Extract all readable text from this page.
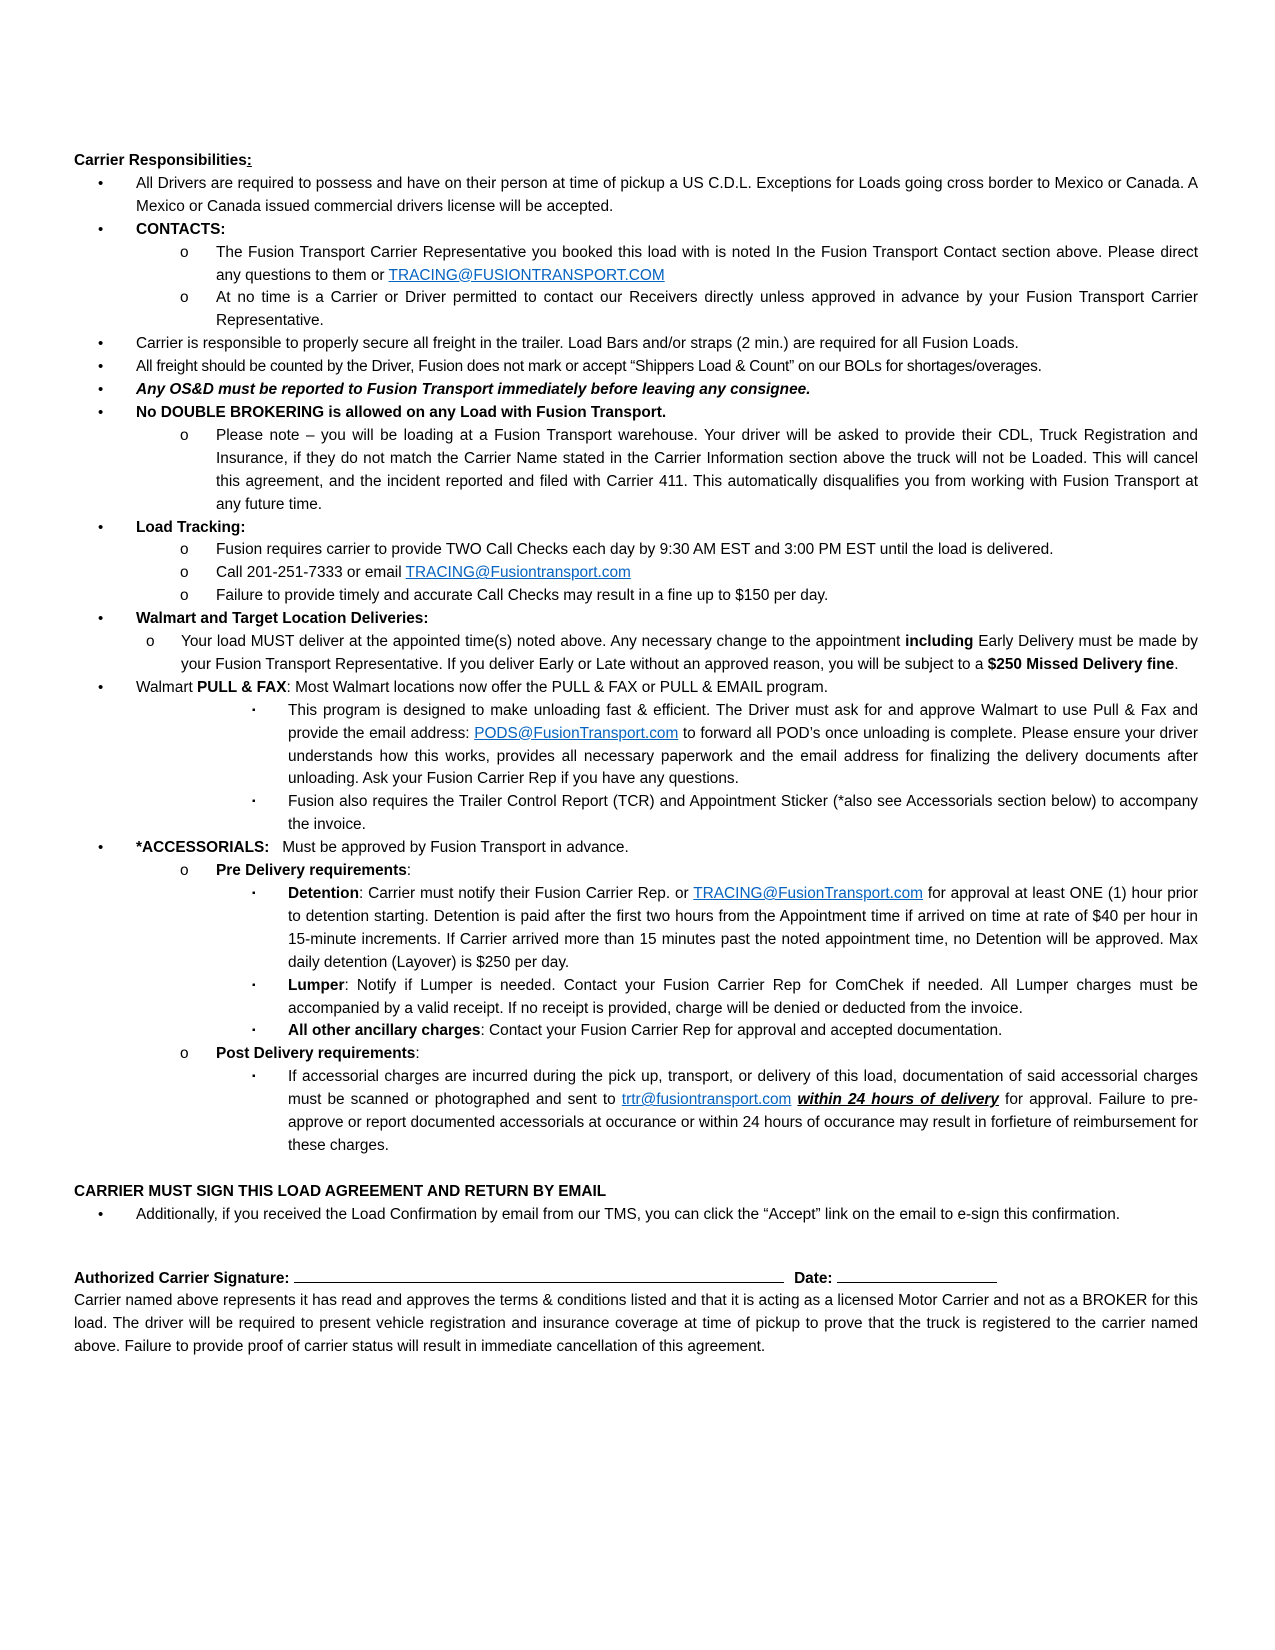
Carrier Responsibilities:
• All Drivers are required to possess and have on their person at time of pickup a US C.D.L. Exceptions for Loads going cross border to Mexico or Canada. A Mexico or Canada issued commercial drivers license will be accepted.
• CONTACTS:
o The Fusion Transport Carrier Representative you booked this load with is noted In the Fusion Transport Contact section above. Please direct any questions to them or TRACING@FUSIONTRANSPORT.COM
o At no time is a Carrier or Driver permitted to contact our Receivers directly unless approved in advance by your Fusion Transport Carrier Representative.
• Carrier is responsible to properly secure all freight in the trailer. Load Bars and/or straps (2 min.) are required for all Fusion Loads.
• All freight should be counted by the Driver, Fusion does not mark or accept “Shippers Load & Count” on our BOLs for shortages/overages.
• Any OS&D must be reported to Fusion Transport immediately before leaving any consignee.
• No DOUBLE BROKERING is allowed on any Load with Fusion Transport.
o Please note – you will be loading at a Fusion Transport warehouse. Your driver will be asked to provide their CDL, Truck Registration and Insurance, if they do not match the Carrier Name stated in the Carrier Information section above the truck will not be Loaded. This will cancel this agreement, and the incident reported and filed with Carrier 411. This automatically disqualifies you from working with Fusion Transport at any future time.
• Load Tracking:
o Fusion requires carrier to provide TWO Call Checks each day by 9:30 AM EST and 3:00 PM EST until the load is delivered.
o Call 201-251-7333 or email TRACING@Fusiontransport.com
o Failure to provide timely and accurate Call Checks may result in a fine up to $150 per day.
• Walmart and Target Location Deliveries:
o Your load MUST deliver at the appointed time(s) noted above. Any necessary change to the appointment including Early Delivery must be made by your Fusion Transport Representative. If you deliver Early or Late without an approved reason, you will be subject to a $250 Missed Delivery fine.
• Walmart PULL & FAX: Most Walmart locations now offer the PULL & FAX or PULL & EMAIL program.
▪ This program is designed to make unloading fast & efficient. The Driver must ask for and approve Walmart to use Pull & Fax and provide the email address: PODS@FusionTransport.com to forward all POD’s once unloading is complete. Please ensure your driver understands how this works, provides all necessary paperwork and the email address for finalizing the delivery documents after unloading. Ask your Fusion Carrier Rep if you have any questions.
▪ Fusion also requires the Trailer Control Report (TCR) and Appointment Sticker (*also see Accessorials section below) to accompany the invoice.
• *ACCESSORIALS:   Must be approved by Fusion Transport in advance.
o Pre Delivery requirements:
▪ Detention: Carrier must notify their Fusion Carrier Rep. or TRACING@FusionTransport.com for approval at least ONE (1) hour prior to detention starting. Detention is paid after the first two hours from the Appointment time if arrived on time at rate of $40 per hour in 15-minute increments. If Carrier arrived more than 15 minutes past the noted appointment time, no Detention will be approved. Max daily detention (Layover) is $250 per day.
▪ Lumper: Notify if Lumper is needed. Contact your Fusion Carrier Rep for ComChek if needed. All Lumper charges must be accompanied by a valid receipt. If no receipt is provided, charge will be denied or deducted from the invoice.
▪ All other ancillary charges: Contact your Fusion Carrier Rep for approval and accepted documentation.
o Post Delivery requirements:
▪ If accessorial charges are incurred during the pick up, transport, or delivery of this load, documentation of said accessorial charges must be scanned or photographed and sent to trtr@fusiontransport.com within 24 hours of delivery for approval. Failure to pre-approve or report documented accessorials at occurance or within 24 hours of occurance may result in forfieture of reimbursement for these charges.
CARRIER MUST SIGN THIS LOAD AGREEMENT AND RETURN BY EMAIL
• Additionally, if you received the Load Confirmation by email from our TMS, you can click the “Accept” link on the email to e-sign this confirmation.
Authorized Carrier Signature:	Date:
Carrier named above represents it has read and approves the terms & conditions listed and that it is acting as a licensed Motor Carrier and not as a BROKER for this load. The driver will be required to present vehicle registration and insurance coverage at time of pickup to prove that the truck is registered to the carrier named above. Failure to provide proof of carrier status will result in immediate cancellation of this agreement.
